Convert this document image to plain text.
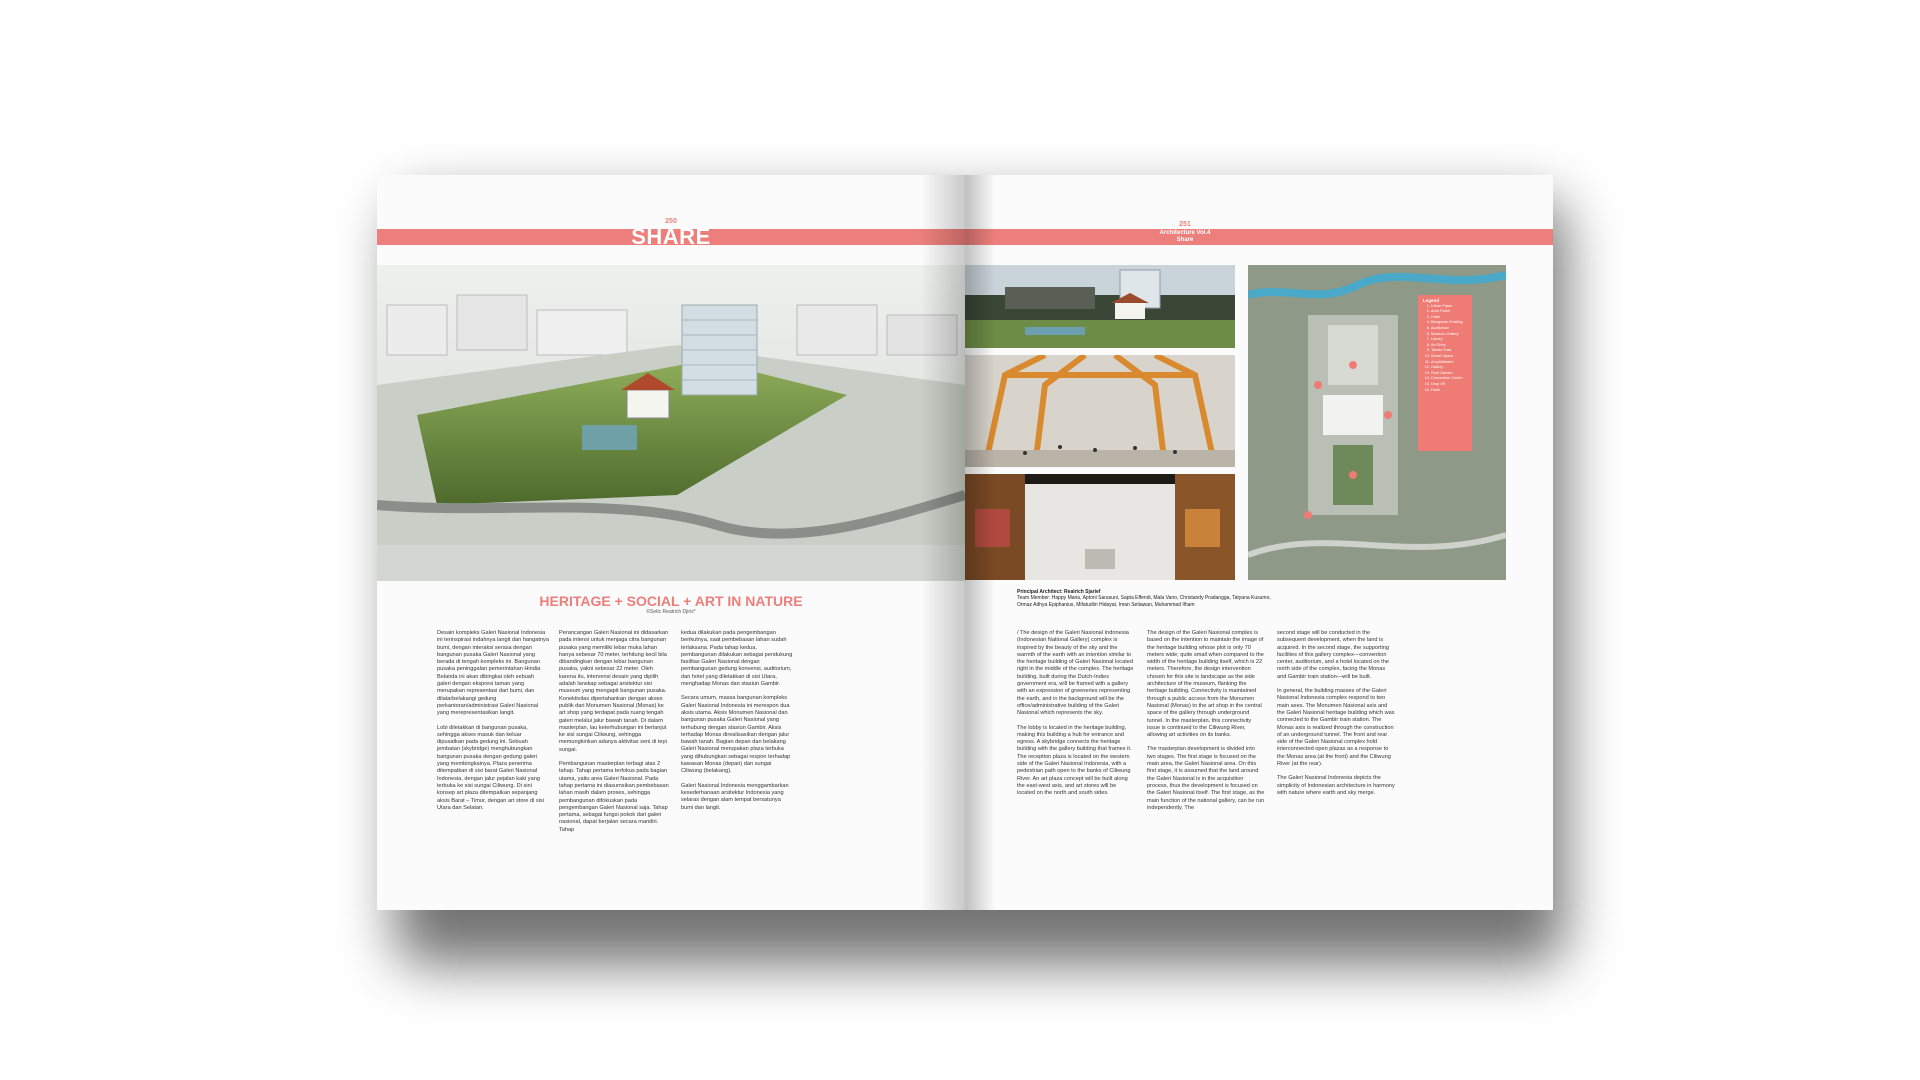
250
SHARE
HERITAGE + SOCIAL + ART IN NATURE
©Setic Reatrich Djiris*

Desain kompleks Galeri Nasional Indonesia ini terinspirasi indahnya langit dan hangatnya bumi, dengan interaksi serasa dengan bangunan pusaka Galeri Nasional yang berada di tengah kompleks ini. Bangunan pusaka peninggalan pemerintahan Hindia Belanda ini akan dibingkai oleh sebuah galeri dengan ekspresi taman yang merupakan representasi dari bumi, dan dilatarbelakangi gedung perkantoran/administrasi Galeri Nasional yang merepresentasikan langit.

Lobi diletakkan di bangunan pusaka, sehingga akses masuk dan keluar dipusatkan pada gedung ini. Sebuah jembatan (skybridge) menghubungkan bangunan pusaka dengan gedung galeri yang membingkainya. Plaza penerima ditempatkan di sisi barat Galeri Nasional Indonesia, dengan jalur pejalan kaki yang terbuka ke sisi sungai Ciliwung. Di sini konsep art plaza ditempatkan sepanjang aksis Barat – Timur, dengan art store di sisi Utara dan Selatan.

Perancangan Galeri Nasional ini didasarkan pada intensi untuk menjaga citra bangunan pusaka yang memiliki lebar muka lahan hanya sebesar 70 meter, terhitung kecil bila dibandingkan dengan lebar bangunan pusaka, yakni sebesar 22 meter. Oleh karena itu, intervensi desain yang dipilih adalah lanskap sebagai arsitektur sisi museum yang mengapit bangunan pusaka. Konektivitas dipertahankan dengan akses publik dari Monumen Nasional (Monas) ke art shop yang terdapat pada ruang tengah galeri melalui jalur bawah tanah. Di dalam masterplan, lau keterhubungan ini berlanjut ke sisi sungai Ciliwung, sehingga memungkinkan adanya aktivitas seni di tepi sungai.

Pembangunan masterplan terbagi atas 2 tahap. Tahap pertama terfokus pada bagian utama, yaitu area Galeri Nasional. Pada tahap pertama ini diasumsikan pembebasan lahan masih dalam proses, sehingga pembangunan difokuskan pada pengembangan Galeri Nasional saja. Tahap pertama, sebagai fungsi pokok dari galeri nasional, dapat berjalan secara mandiri. Tahap

kedua dilakukan pada pengembangan berikutnya, saat pembebasan lahan sudah terlaksana. Pada tahap kedua, pembangunan dilakukan sebagai pendukung fasilitas Galeri Nasional dengan pembangunan gedung konvensi, auditorium, dan hotel yang diletakkan di sisi Utara, menghadap Monas dan stasiun Gambir.

Secara umum, massa bangunan kompleks Galeri Nasional Indonesia ini merespon dua aksis utama. Aksis Monumen Nasional dan bangunan pusaka Galeri Nasional yang terhubung dengan stasiun Gambir. Aksis terhadap Monas direalisasikan dengan jalur bawah tanah. Bagian depan dan belakang Galeri Nasional merupakan plaza terbuka yang dihubungkan sebagai respon terhadap kawasan Monas (depan) dan sungai Ciliwung (belakang).

Galeri Nasional Indonesia menggambarkan kesederhanaan arsitektur Indonesia yang selaras dengan alam tempat bersatunya bumi dan langit.

251
Architecture Vol.4
Share
Legend
1. Urban Plaza
2. Area Parkir
3. Hotel
4. Bangunan Existing
5. Auditorium
6. Museum Gallery
7. Library
8. Art Shop
9. Taman Kota
10. Social Space
11. Amphitheatre
12. Gallery
13. Roof Garden
14. Convention Centre
15. Drop Off
16. Hotel
Principal Architect: Realrich Sjarief
Team Member: Happy Maria, Aptoni Sarasuni, Sapta Effendi, Mala Vano, Christandy Pradangga, Tatyana Kusumo, Ormaz Adhya Epiphanius, Mifatudiin Hidayat, Iman Setiawan, Muhammad Ilham

/ The design of the Galeri Nasional Indonesia (Indonesian National Gallery) complex is inspired by the beauty of the sky and the warmth of the earth with an intention similar to the heritage building of Galeri Nasional located right in the middle of the complex. The heritage building, built during the Dutch-Indies government era, will be framed with a gallery with an expression of greeneries representing the earth, and in the background will be the office/administrative building of the Galeri Nasional which represents the sky.

The lobby is located in the heritage building, making this building a hub for entrance and egress. A skybridge connects the heritage building with the gallery building that frames it. The reception plaza is located on the western side of the Galeri Nasional Indonesia, with a pedestrian path open to the banks of Ciliwung River. An art plaza concept will be built along the east-west axis, and art stores will be located on the north and south sides.

The design of the Galeri Nasional complex is based on the intention to maintain the image of the heritage building whose plot is only 70 meters wide; quite small when compared to the width of the heritage building itself, which is 22 meters. Therefore, the design intervention chosen for this site is landscape as the side architecture of the museum, flanking the heritage building. Connectivity is maintained through a public access from the Monumen Nasional (Monas) to the art shop in the central space of the gallery through underground tunnel. In the masterplan, this connectivity issue is continued to the Ciliwung River, allowing art activities on its banks.

The masterplan development is divided into two stages. The first stage is focused on the main area, the Galeri Nasional area. On this first stage, it is assumed that the land around the Galeri Nasional is in the acquisition process, thus the development is focused on the Galeri Nasional itself. The first stage, as the main function of the national gallery, can be run independently. The

second stage will be conducted in the subsequent development, when the land is acquired. In the second stage, the supporting facilities of this gallery complex—convention center, auditorium, and a hotel located on the north side of the complex, facing the Monas and Gambir train station—will be built.

In general, the building masses of the Galeri Nasional Indonesia complex respond to two main axes. The Monumen Nasional axis and the Galeri Nasional heritage building which was connected to the Gambir train station. The Monas axis is realized through the construction of an underground tunnel. The front and rear side of the Galeri Nasional complex hold interconnected open plazas as a response to the Monas area (at the front) and the Ciliwung River (at the rear).

The Galeri Nasional Indonesia depicts the simplicity of Indonesian architecture in harmony with nature where earth and sky merge.
